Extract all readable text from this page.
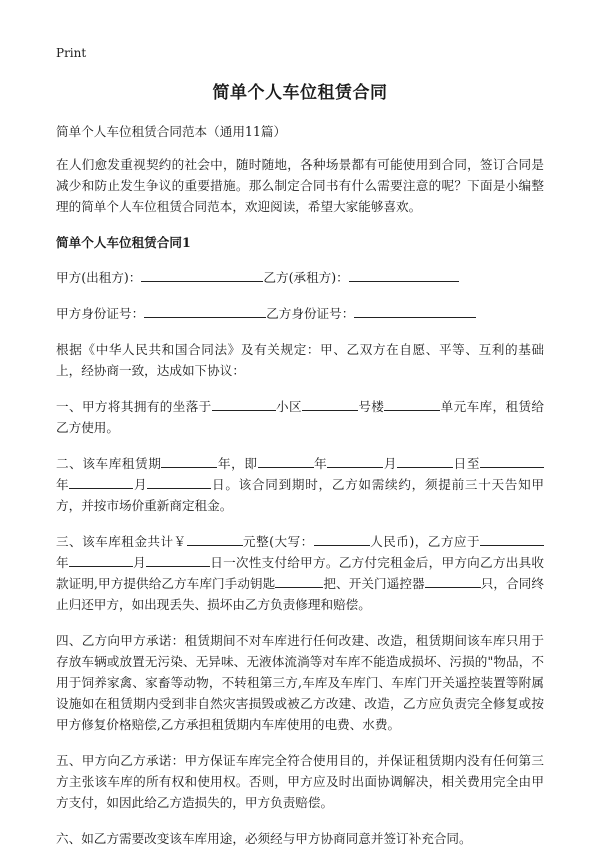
Print
简单个人车位租赁合同

简单个人车位租赁合同范本（通用11篇）

在人们愈发重视契约的社会中，随时随地，各种场景都有可能使用到合同，签订合同是减少和防止发生争议的重要措施。那么制定合同书有什么需要注意的呢？下面是小编整理的简单个人车位租赁合同范本，欢迎阅读，希望大家能够喜欢。

简单个人车位租赁合同1

甲方(出租方)：	乙方(承租方)：

甲方身份证号：	乙方身份证号：

根据《中华人民共和国合同法》及有关规定：甲、乙双方在自愿、平等、互利的基础上，经协商一致，达成如下协议：

一、甲方将其拥有的坐落于	小区	号楼	单元车库，租赁给乙方使用。

二、该车库租赁期	年，即	年	月	日至年	月	日。该合同到期时，乙方如需续约，须提前三十天告知甲方，并按市场价重新商定租金。

三、该车库租金共计￥	元整(大写：	人民币)，乙方应于年	月	日一次性支付给甲方。乙方付完租金后，甲方向乙方出具收款证明,甲方提供给乙方车库门手动钥匙	把、开关门遥控器	只，合同终止归还甲方，如出现丢失、损坏由乙方负责修理和赔偿。

四、乙方向甲方承诺：租赁期间不对车库进行任何改建、改造，租赁期间该车库只用于存放车辆或放置无污染、无异味、无液体流淌等对车库不能造成损坏、污损的"物品，不用于饲养家禽、家畜等动物，不转租第三方,车库及车库门、车库门开关遥控装置等附属设施如在租赁期内受到非自然灾害损毁或被乙方改建、改造，乙方应负责完全修复或按甲方修复价格赔偿,乙方承担租赁期内车库使用的电费、水费。

五、甲方向乙方承诺：甲方保证车库完全符合使用目的，并保证租赁期内没有任何第三方主张该车库的所有权和使用权。否则，甲方应及时出面协调解决，相关费用完全由甲方支付，如因此给乙方造损失的，甲方负责赔偿。

六、如乙方需要改变该车库用途，必须经与甲方协商同意并签订补充合同。
